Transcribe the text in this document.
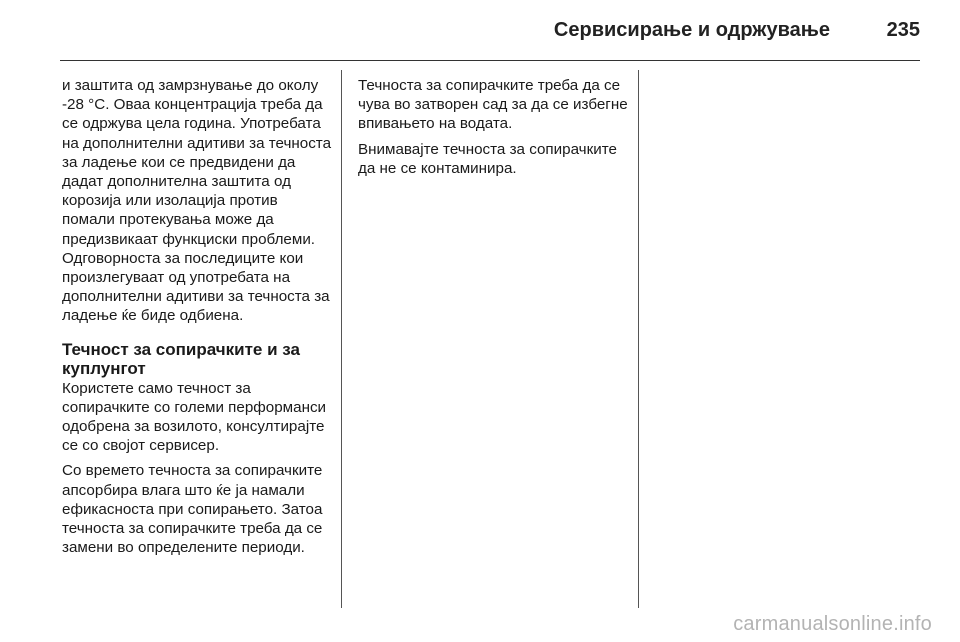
Сервисирање и одржување	235

и заштита од замрзнување до околу -28 °C. Оваа концентрација треба да се одржува цела година. Употребата на дополнителни адитиви за течноста за ладење кои се предвидени да дадат дополнителна заштита од корозија или изолација против помали протекувања може да предизвикаат функциски проблеми. Одговорноста за последиците кои произлегуваат од употребата на дополнителни адитиви за течноста за ладење ќе биде одбиена.

Течност за сопирачките и за куплунгот

Користете само течност за сопирачките со големи перформанси одобрена за возилото, консултирајте се со својот сервисер.

Со времето течноста за сопирачките апсорбира влага што ќе ја намали ефикасноста при сопирањето. Затоа течноста за сопирачките треба да се замени во определените периоди.

Течноста за сопирачките треба да се чува во затворен сад за да се избегне впивањето на водата.

Внимавајте течноста за сопирачките да не се контаминира.

carmanualsonline.info
